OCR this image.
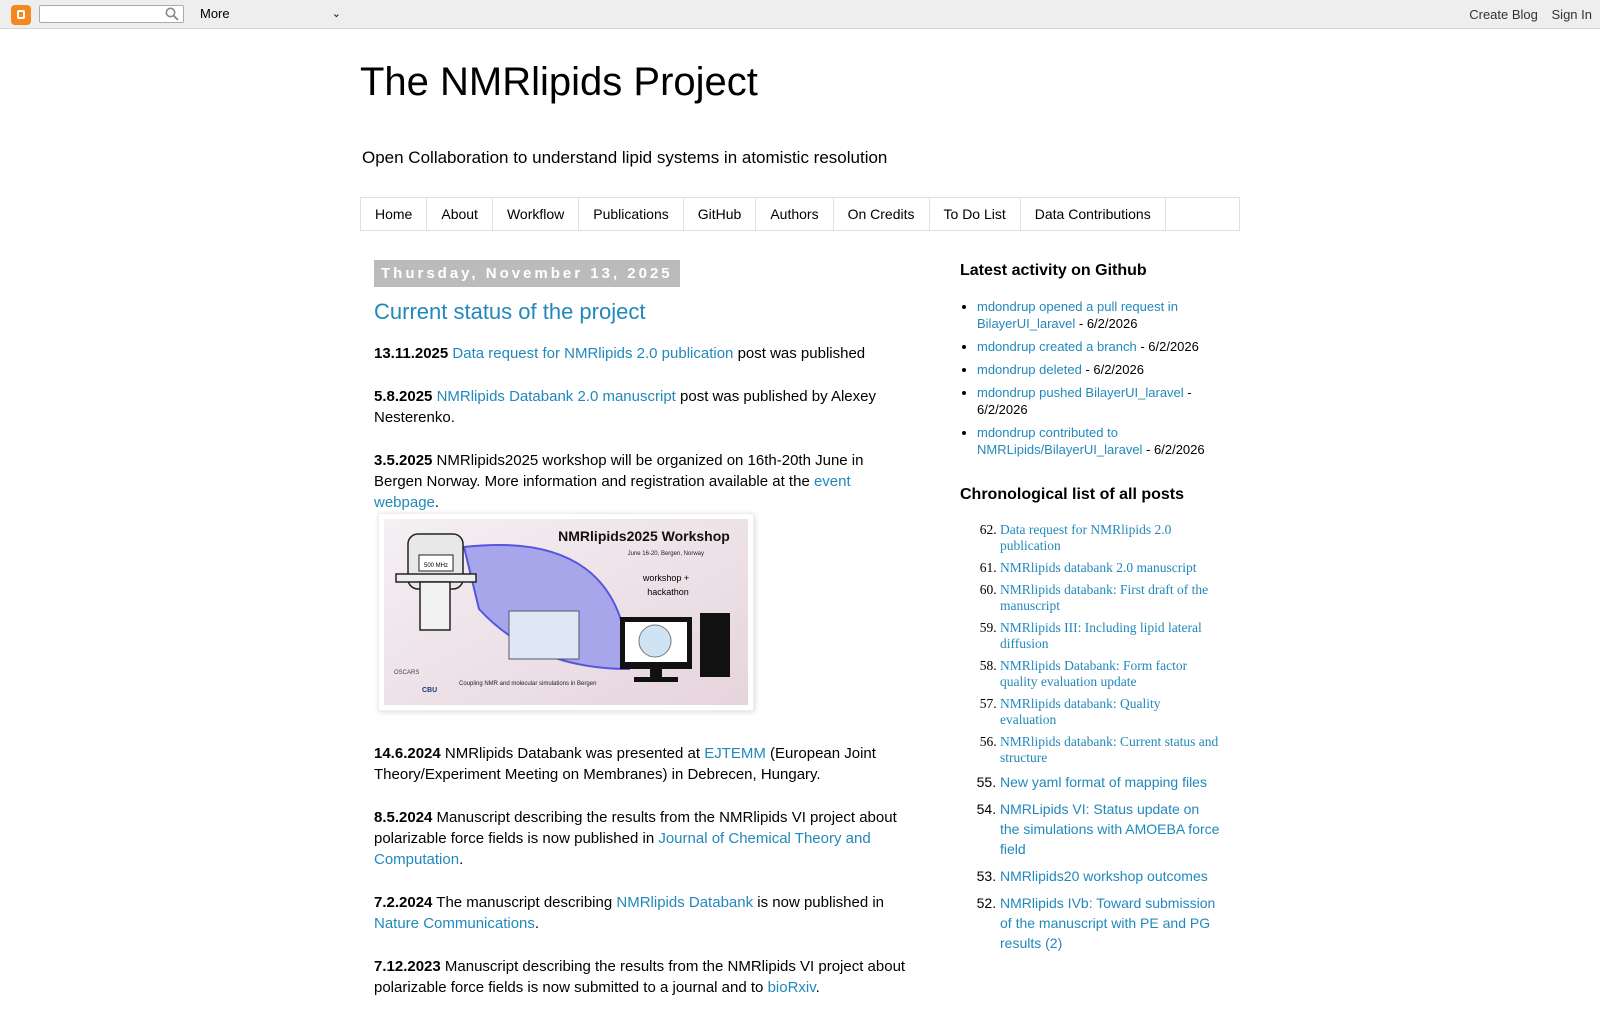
More	⌄	Create Blog Sign In
The NMRlipids Project

Open Collaboration to understand lipid systems in atomistic resolution

Home	About	Workflow	Publications	GitHub	Authors	On Credits	To Do List	Data Contributions
Thursday, November 13, 2025
Current status of the project

13.11.2025 Data request for NMRlipids 2.0 publication post was published

5.8.2025 NMRlipids Databank 2.0 manuscript post was published by Alexey Nesterenko.

3.5.2025 NMRlipids2025 workshop will be organized on 16th-20th June in Bergen Norway. More information and registration available at the event webpage.

500 MHz
NMRlipids2025 Workshop
June 16-20, Bergen, Norway
workshop +
hackathon
OSCARS
CBU
Coupling NMR and molecular simulations in Bergen

14.6.2024 NMRlipids Databank was presented at EJTEMM (European Joint Theory/Experiment Meeting on Membranes) in Debrecen, Hungary.

8.5.2024 Manuscript describing the results from the NMRlipids VI project about polarizable force fields is now published in Journal of Chemical Theory and Computation.

7.2.2024 The manuscript describing NMRlipids Databank is now published in Nature Communications.

7.12.2023 Manuscript describing the results from the NMRlipids VI project about polarizable force fields is now submitted to a journal and to bioRxiv.

Latest activity on Github
• mdondrup opened a pull request in BilayerUI_laravel - 6/2/2026
• mdondrup created a branch - 6/2/2026
• mdondrup deleted - 6/2/2026
• mdondrup pushed BilayerUI_laravel - 6/2/2026
• mdondrup contributed to NMRLipids/BilayerUI_laravel - 6/2/2026
Chronological list of all posts
62. Data request for NMRlipids 2.0 publication
61. NMRlipids databank 2.0 manuscript
60. NMRlipids databank: First draft of the manuscript
59. NMRlipids III: Including lipid lateral diffusion
58. NMRlipids Databank: Form factor quality evaluation update
57. NMRlipids databank: Quality evaluation
56. NMRlipids databank: Current status and structure
55. New yaml format of mapping files
54. NMRLipids VI: Status update on the simulations with AMOEBA force field
53. NMRlipids20 workshop outcomes
52. NMRlipids IVb: Toward submission of the manuscript with PE and PG results (2)
